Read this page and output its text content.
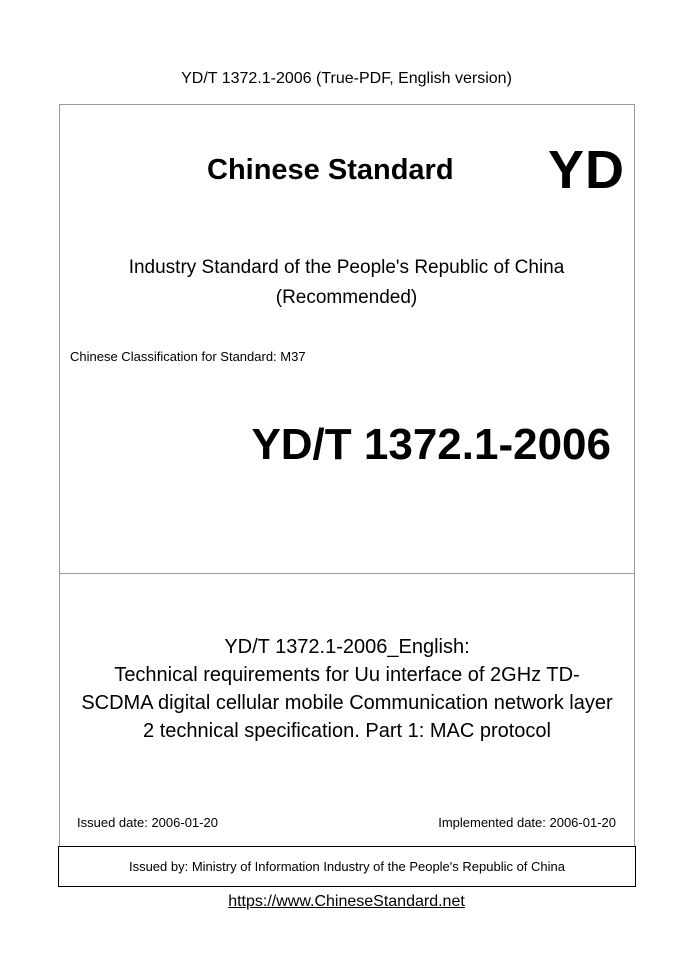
YD/T 1372.1-2006 (True-PDF, English version)
Chinese Standard YD
Industry Standard of the People's Republic of China
(Recommended)
Chinese Classification for Standard: M37
YD/T 1372.1-2006
YD/T 1372.1-2006_English:
Technical requirements for Uu interface of 2GHz TD-
SCDMA digital cellular mobile Communication network layer
2 technical specification. Part 1: MAC protocol
Issued date: 2006-01-20	Implemented date: 2006-01-20
Issued by: Ministry of Information Industry of the People's Republic of China
https://www.ChineseStandard.net
